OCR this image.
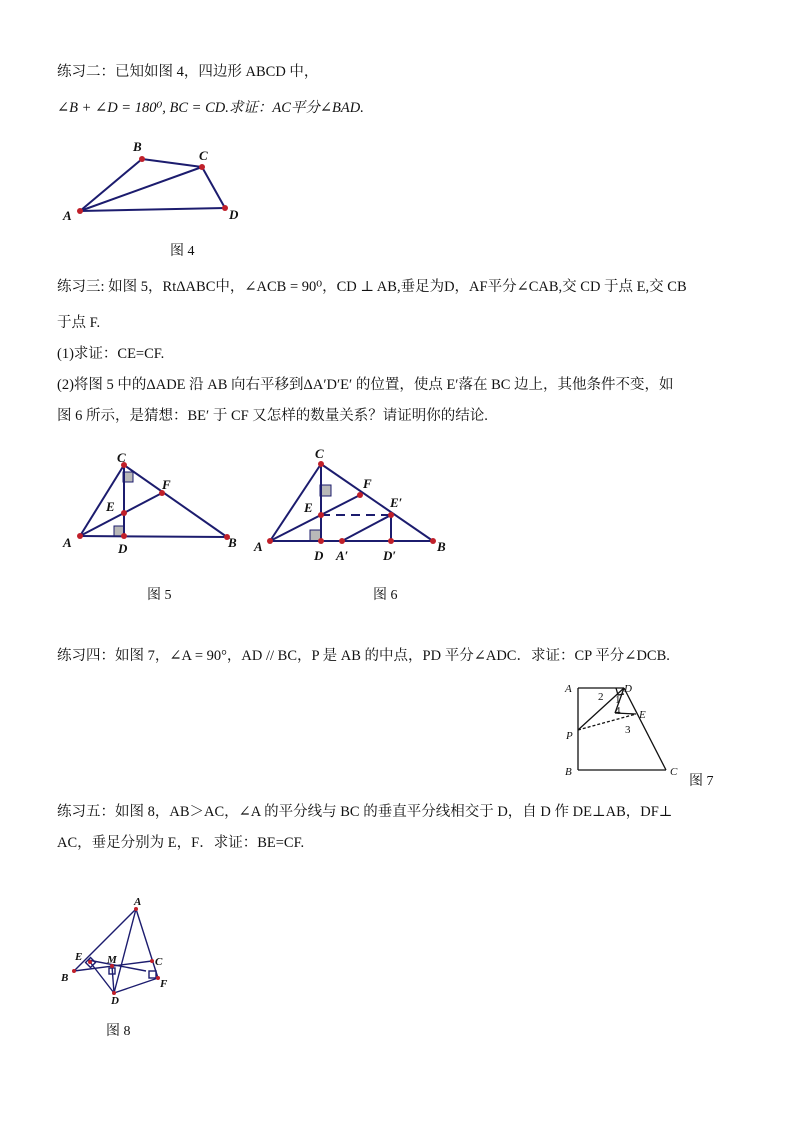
练习二：已知如图 4，四边形 ABCD 中，
∠B + ∠D = 180⁰, BC = CD.求证：AC平分∠BAD.
A
B
C
D
图 4
练习三: 如图 5，RtΔABC中，∠ACB = 90⁰，CD ⊥ AB,垂足为D，AF平分∠CAB,交 CD 于点 E,交 CB
于点 F.
(1)求证：CE=CF.
(2)将图 5 中的ΔADE 沿 AB 向右平移到ΔA′D′E′ 的位置，使点 E′落在 BC 边上，其他条件不变，如
图 6 所示，是猜想：BE′ 于 CF 又怎样的数量关系？请证明你的结论.
A
C
F
E
D	B
图 5
A
C
F
E	E′
D A′	D′
B
图 6
练习四：如图 7，∠A = 90°，AD // BC，P 是 AB 的中点，PD 平分∠ADC．求证：CP 平分∠DCB.
A	D
P
E
B	C
1
2
3
4
图 7
练习五：如图 8，AB＞AC，∠A 的平分线与 BC 的垂直平分线相交于 D，自 D 作 DE⊥AB，DF⊥
AC，垂足分别为 E，F．求证：BE=CF.
A
E M	C
B	F
D
图 8
